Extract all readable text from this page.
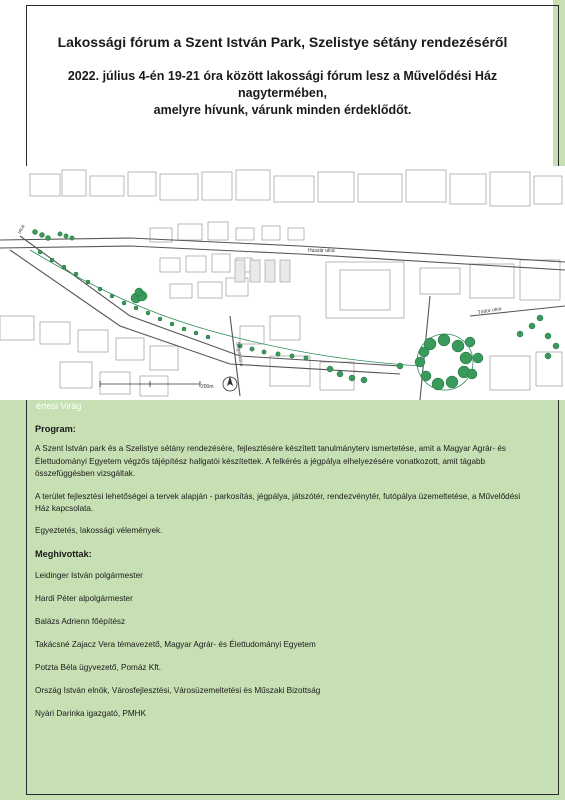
Lakossági fórum a Szent István Park, Szelistye sétány rendezéséről

2022. július 4-én 19-21 óra között lakossági fórum lesz a Művelődési Ház nagytermében,

amelyre hívunk, várunk minden érdeklődőt.

utca
Huszár utca
Sziget utca
Tódor utca
200m
értesi Virág

Program:

A Szent István park és a Szelistye sétány rendezésére, fejlesztésére készített tanulmányterv ismertetése, amit a Magyar Agrár- és Élettudományi Egyetem végzős tájépítész hallgatói készítettek. A felkérés a jégpálya elhelyezésére vonatkozott, amit tágabb összefüggésben vizsgáltak.

A terület fejlesztési lehetőségei a tervek alapján - parkosítás, jégpálya, játszótér, rendezvénytér, futópálya üzemeltetése, a Művelődési Ház kapcsolata.

Egyeztetés, lakossági vélemények.

Meghívottak:

Leidinger István polgármester

Hardi Péter alpolgármester

Balázs Adrienn főépítész

Takácsné Zajacz Vera témavezető, Magyar Agrár- és Élettudományi Egyetem

Potzta Béla ügyvezető, Pomáz Kft.

Ország István elnök, Városfejlesztési, Városüzemeltetési és Műszaki Bizottság

Nyári Darinka igazgató, PMHK
